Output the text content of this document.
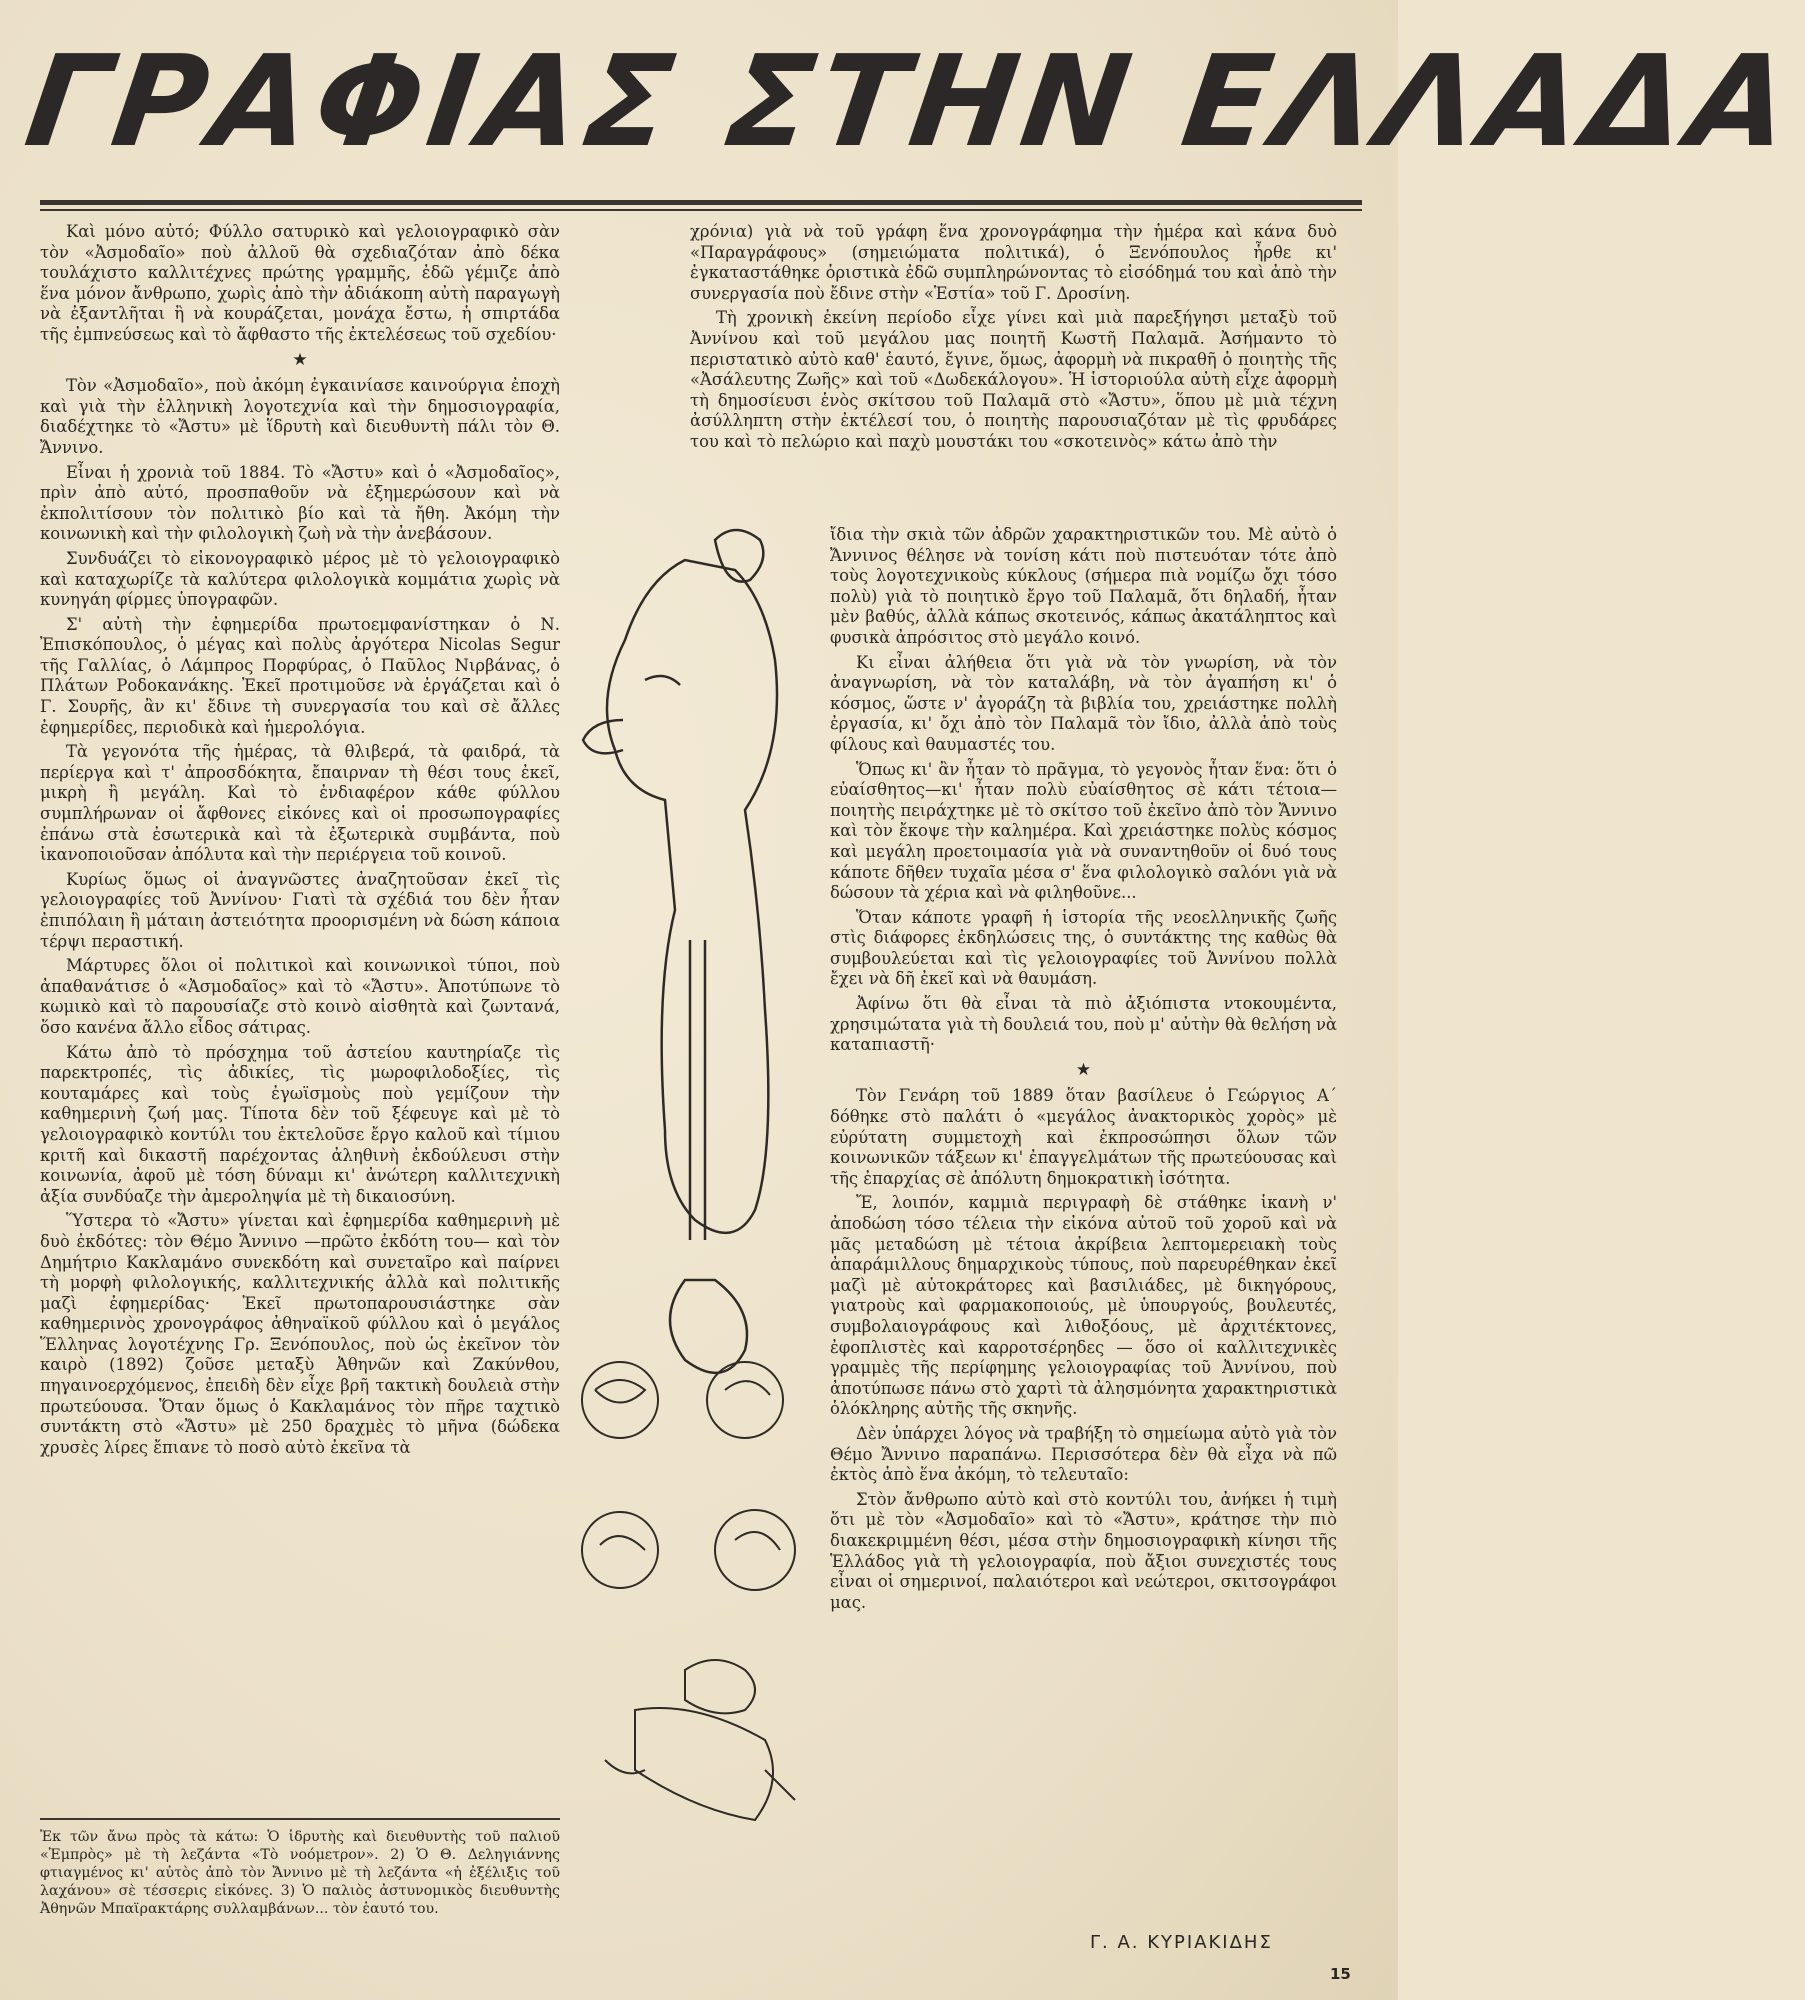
ΓΡΑΦΙΑΣ ΣΤΗΝ ΕΛΛΑΔΑ

Καὶ μόνο αὐτό; Φύλλο σατυρικὸ καὶ γελοιογραφικὸ σὰν τὸν «Ἀσμοδαῖο» ποὺ ἀλλοῦ θὰ σχεδιαζόταν ἀπὸ δέκα τουλάχιστο καλλιτέχνες πρώτης γραμμῆς, ἐδῶ γέμιζε ἀπὸ ἕνα μόνον ἄνθρωπο, χωρὶς ἀπὸ τὴν ἀδιάκοπη αὐτὴ παραγωγὴ νὰ ἐξαντλῆται ἢ νὰ κουράζεται, μονάχα ἔστω, ἡ σπιρτάδα τῆς ἐμπνεύσεως καὶ τὸ ἄφθαστο τῆς ἐκτελέσεως τοῦ σχεδίου·

★

Τὸν «Ἀσμοδαῖο», ποὺ ἀκόμη ἐγκαινίασε καινούργια ἐποχὴ καὶ γιὰ τὴν ἑλληνικὴ λογοτεχνία καὶ τὴν δημοσιογραφία, διαδέχτηκε τὸ «Ἄστυ» μὲ ἵδρυτὴ καὶ διευθυντὴ πάλι τὸν Θ. Ἄννινο.

Εἶναι ἡ χρονιὰ τοῦ 1884. Τὸ «Ἄστυ» καὶ ὁ «Ἀσμοδαῖος», πρὶν ἀπὸ αὐτό, προσπαθοῦν νὰ ἐξημερώσουν καὶ νὰ ἐκπολιτίσουν τὸν πολιτικὸ βίο καὶ τὰ ἤθη. Ἀκόμη τὴν κοινωνικὴ καὶ τὴν φιλολογικὴ ζωὴ νὰ τὴν ἀνεβάσουν.

Συνδυάζει τὸ εἰκονογραφικὸ μέρος μὲ τὸ γελοιογραφικὸ καὶ καταχωρίζε τὰ καλύτερα φιλολογικὰ κομμάτια χωρὶς νὰ κυνηγάη φίρμες ὑπογραφῶν.

Σ' αὐτὴ τὴν ἐφημερίδα πρωτοεμφανίστηκαν ὁ Ν. Ἐπισκόπουλος, ὁ μέγας καὶ πολὺς ἀργότερα Nicolas Segur τῆς Γαλλίας, ὁ Λάμπρος Πορφύρας, ὁ Παῦλος Νιρβάνας, ὁ Πλάτων Ροδοκανάκης. Ἐκεῖ προτιμοῦσε νὰ ἐργάζεται καὶ ὁ Γ. Σουρῆς, ἂν κι' ἔδινε τὴ συνεργασία του καὶ σὲ ἄλλες ἐφημερίδες, περιοδικὰ καὶ ἡμερολόγια.

Τὰ γεγονότα τῆς ἡμέρας, τὰ θλιβερά, τὰ φαιδρά, τὰ περίεργα καὶ τ' ἀπροσδόκητα, ἔπαιρναν τὴ θέσι τους ἐκεῖ, μικρὴ ἢ μεγάλη. Καὶ τὸ ἐνδιαφέρον κάθε φύλλου συμπλήρωναν οἱ ἄφθονες εἰκόνες καὶ οἱ προσωπογραφίες ἐπάνω στὰ ἐσωτερικὰ καὶ τὰ ἐξωτερικὰ συμβάντα, ποὺ ἱκανοποιοῦσαν ἀπόλυτα καὶ τὴν περιέργεια τοῦ κοινοῦ.

Κυρίως ὅμως οἱ ἀναγνῶστες ἀναζητοῦσαν ἐκεῖ τὶς γελοιογραφίες τοῦ Ἀννίνου· Γιατὶ τὰ σχέδιά του δὲν ἦταν ἐπιπόλαιη ἢ μάταιη ἀστειότητα προορισμένη νὰ δώση κάποια τέρψι περαστική.

Μάρτυρες ὅλοι οἱ πολιτικοὶ καὶ κοινωνικοὶ τύποι, ποὺ ἀπαθανάτισε ὁ «Ἀσμοδαῖος» καὶ τὸ «Ἄστυ». Ἀποτύπωνε τὸ κωμικὸ καὶ τὸ παρουσίαζε στὸ κοινὸ αἰσθητὰ καὶ ζωντανά, ὅσο κανένα ἄλλο εἶδος σάτιρας.

Κάτω ἀπὸ τὸ πρόσχημα τοῦ ἀστείου καυτηρίαζε τὶς παρεκτροπές, τὶς ἀδικίες, τὶς μωροφιλοδοξίες, τὶς κουταμάρες καὶ τοὺς ἐγωϊσμοὺς ποὺ γεμίζουν τὴν καθημερινὴ ζωή μας. Τίποτα δὲν τοῦ ξέφευγε καὶ μὲ τὸ γελοιογραφικὸ κοντύλι του ἐκτελοῦσε ἔργο καλοῦ καὶ τίμιου κριτῆ καὶ δικαστῆ παρέχοντας ἀληθινὴ ἐκδούλευσι στὴν κοινωνία, ἀφοῦ μὲ τόση δύναμι κι' ἀνώτερη καλλιτεχνικὴ ἀξία συνδύαζε τὴν ἀμεροληψία μὲ τὴ δικαιοσύνη.

Ὕστερα τὸ «Ἄστυ» γίνεται καὶ ἐφημερίδα καθημερινὴ μὲ δυὸ ἐκδότες: τὸν Θέμο Ἄννινο —πρῶτο ἐκδότη του— καὶ τὸν Δημήτριο Κακλαμάνο συνεκδότη καὶ συνεταῖρο καὶ παίρνει τὴ μορφὴ φιλολογικής, καλλιτεχνικής ἀλλὰ καὶ πολιτικῆς μαζὶ ἐφημερίδας· Ἐκεῖ πρωτοπαρουσιάστηκε σὰν καθημερινὸς χρονογράφος ἀθηναϊκοῦ φύλλου καὶ ὁ μεγάλος Ἕλληνας λογοτέχνης Γρ. Ξενόπουλος, ποὺ ὡς ἐκεῖνον τὸν καιρὸ (1892) ζοῦσε μεταξὺ Ἀθηνῶν καὶ Ζακύνθου, πηγαινοερχόμενος, ἐπειδὴ δὲν εἶχε βρῆ τακτικὴ δουλειὰ στὴν πρωτεύουσα. Ὅταν ὅμως ὁ Κακλαμάνος τὸν πῆρε ταχτικὸ συντάκτη στὸ «Ἄστυ» μὲ 250 δραχμὲς τὸ μῆνα (δώδεκα χρυσὲς λίρες ἔπιανε τὸ ποσὸ αὐτὸ ἐκεῖνα τὰ

χρόνια) γιὰ νὰ τοῦ γράφη ἕνα χρονογράφημα τὴν ἡμέρα καὶ κάνα δυὸ «Παραγράφους» (σημειώματα πολιτικά), ὁ Ξενόπουλος ἦρθε κι' ἐγκαταστάθηκε ὁριστικὰ ἐδῶ συμπληρώνοντας τὸ εἰσόδημά του καὶ ἀπὸ τὴν συνεργασία ποὺ ἔδινε στὴν «Ἑστία» τοῦ Γ. Δροσίνη.

Τὴ χρονικὴ ἐκείνη περίοδο εἶχε γίνει καὶ μιὰ παρεξήγησι μεταξὺ τοῦ Ἀννίνου καὶ τοῦ μεγάλου μας ποιητῆ Κωστῆ Παλαμᾶ. Ἀσήμαντο τὸ περιστατικὸ αὐτὸ καθ' ἑαυτό, ἔγινε, ὅμως, ἀφορμὴ νὰ πικραθῆ ὁ ποιητὴς τῆς «Ἀσάλευτης Ζωῆς» καὶ τοῦ «Δωδεκάλογου». Ἡ ἱστοριούλα αὐτὴ εἶχε ἀφορμὴ τὴ δημοσίευσι ἑνὸς σκίτσου τοῦ Παλαμᾶ στὸ «Ἄστυ», ὅπου μὲ μιὰ τέχνη ἀσύλληπτη στὴν ἐκτέλεσί του, ὁ ποιητὴς παρουσιαζόταν μὲ τὶς φρυδάρες του καὶ τὸ πελώριο καὶ παχὺ μουστάκι του «σκοτεινὸς» κάτω ἀπὸ τὴν

ἴδια τὴν σκιὰ τῶν ἀδρῶν χαρακτηριστικῶν του. Μὲ αὐτὸ ὁ Ἄννινος θέλησε νὰ τονίση κάτι ποὺ πιστευόταν τότε ἀπὸ τοὺς λογοτεχνικοὺς κύκλους (σήμερα πιὰ νομίζω ὄχι τόσο πολὺ) γιὰ τὸ ποιητικὸ ἔργο τοῦ Παλαμᾶ, ὅτι δηλαδή, ἦταν μὲν βαθύς, ἀλλὰ κάπως σκοτεινός, κάπως ἀκατάληπτος καὶ φυσικὰ ἀπρόσιτος στὸ μεγάλο κοινό.

Κι εἶναι ἀλήθεια ὅτι γιὰ νὰ τὸν γνωρίση, νὰ τὸν ἀναγνωρίση, νὰ τὸν καταλάβη, νὰ τὸν ἀγαπήση κι' ὁ κόσμος, ὥστε ν' ἀγοράζη τὰ βιβλία του, χρειάστηκε πολλὴ ἐργασία, κι' ὄχι ἀπὸ τὸν Παλαμᾶ τὸν ἴδιο, ἀλλὰ ἀπὸ τοὺς φίλους καὶ θαυμαστές του.

Ὅπως κι' ἂν ἦταν τὸ πρᾶγμα, τὸ γεγονὸς ἦταν ἕνα: ὅτι ὁ εὐαίσθητος—κι' ἦταν πολὺ εὐαίσθητος σὲ κάτι τέτοια—ποιητὴς πειράχτηκε μὲ τὸ σκίτσο τοῦ ἐκεῖνο ἀπὸ τὸν Ἄννινο καὶ τὸν ἔκοψε τὴν καλημέρα. Καὶ χρειάστηκε πολὺς κόσμος καὶ μεγάλη προετοιμασία γιὰ νὰ συναντηθοῦν οἱ δυό τους κάποτε δῆθεν τυχαῖα μέσα σ' ἕνα φιλολογικὸ σαλόνι γιὰ νὰ δώσουν τὰ χέρια καὶ νὰ φιληθοῦνε...

Ὅταν κάποτε γραφῆ ἡ ἱστορία τῆς νεοελληνικῆς ζωῆς στὶς διάφορες ἐκδηλώσεις της, ὁ συντάκτης της καθὼς θὰ συμβουλεύεται καὶ τὶς γελοιογραφίες τοῦ Ἀννίνου πολλὰ ἔχει νὰ δῆ ἐκεῖ καὶ νὰ θαυμάση.

Ἀφίνω ὅτι θὰ εἶναι τὰ πιὸ ἀξιόπιστα ντοκουμέντα, χρησιμώτατα γιὰ τὴ δουλειά του, ποὺ μ' αὐτὴν θὰ θελήση νὰ καταπιαστῆ·

★

Τὸν Γενάρη τοῦ 1889 ὅταν βασίλευε ὁ Γεώργιος Α΄ δόθηκε στὸ παλάτι ὁ «μεγάλος ἀνακτορικὸς χορὸς» μὲ εὐρύτατη συμμετοχὴ καὶ ἐκπροσώπησι ὅλων τῶν κοινωνικῶν τάξεων κι' ἐπαγγελμάτων τῆς πρωτεύουσας καὶ τῆς ἐπαρχίας σὲ ἀπόλυτη δημοκρατικὴ ἰσότητα.

Ἔ, λοιπόν, καμμιὰ περιγραφὴ δὲ στάθηκε ἱκανὴ ν' ἀποδώση τόσο τέλεια τὴν εἰκόνα αὐτοῦ τοῦ χοροῦ καὶ νὰ μᾶς μεταδώση μὲ τέτοια ἀκρίβεια λεπτομερειακὴ τοὺς ἀπαράμιλλους δημαρχικοὺς τύπους, ποὺ παρευρέθηκαν ἐκεῖ μαζὶ μὲ αὐτοκράτορες καὶ βασιλιάδες, μὲ δικηγόρους, γιατροὺς καὶ φαρμακοποιούς, μὲ ὑπουργούς, βουλευτές, συμβολαιογράφους καὶ λιθοξόους, μὲ ἀρχιτέκτονες, ἐφοπλιστὲς καὶ καρροτσέρηδες — ὅσο οἱ καλλιτεχνικὲς γραμμὲς τῆς περίφημης γελοιογραφίας τοῦ Ἀννίνου, ποὺ ἀποτύπωσε πάνω στὸ χαρτὶ τὰ ἀλησμόνητα χαρακτηριστικὰ ὁλόκληρης αὐτῆς τῆς σκηνῆς.

Δὲν ὑπάρχει λόγος νὰ τραβήξη τὸ σημείωμα αὐτὸ γιὰ τὸν Θέμο Ἄννινο παραπάνω. Περισσότερα δὲν θὰ εἶχα νὰ πῶ ἐκτὸς ἀπὸ ἕνα ἀκόμη, τὸ τελευταῖο:

Στὸν ἄνθρωπο αὐτὸ καὶ στὸ κοντύλι του, ἀνήκει ἡ τιμὴ ὅτι μὲ τὸν «Ἀσμοδαῖο» καὶ τὸ «Ἄστυ», κράτησε τὴν πιὸ διακεκριμμένη θέσι, μέσα στὴν δημοσιογραφικὴ κίνησι τῆς Ἑλλάδος γιὰ τὴ γελοιογραφία, ποὺ ἄξιοι συνεχιστές τους εἶναι οἱ σημερινοί, παλαιότεροι καὶ νεώτεροι, σκιτσογράφοι μας.

Ἐκ τῶν ἄνω πρὸς τὰ κάτω: Ὁ ἱδρυτὴς καὶ διευθυντὴς τοῦ παλιοῦ «Ἐμπρὸς» μὲ τὴ λεζάντα «Τὸ νοόμετρον». 2) Ὁ Θ. Δεληγιάννης φτιαγμένος κι' αὐτὸς ἀπὸ τὸν Ἄννινο μὲ τὴ λεζάντα «ἡ ἐξέλιξις τοῦ λαχάνου» σὲ τέσσερις εἰκόνες. 3) Ὁ παλιὸς ἀστυνομικὸς διευθυντὴς Ἀθηνῶν Μπαϊρακτάρης συλλαμβάνων... τὸν ἑαυτό του.
Γ. Α. ΚΥΡΙΑΚΙΔΗΣ
15
